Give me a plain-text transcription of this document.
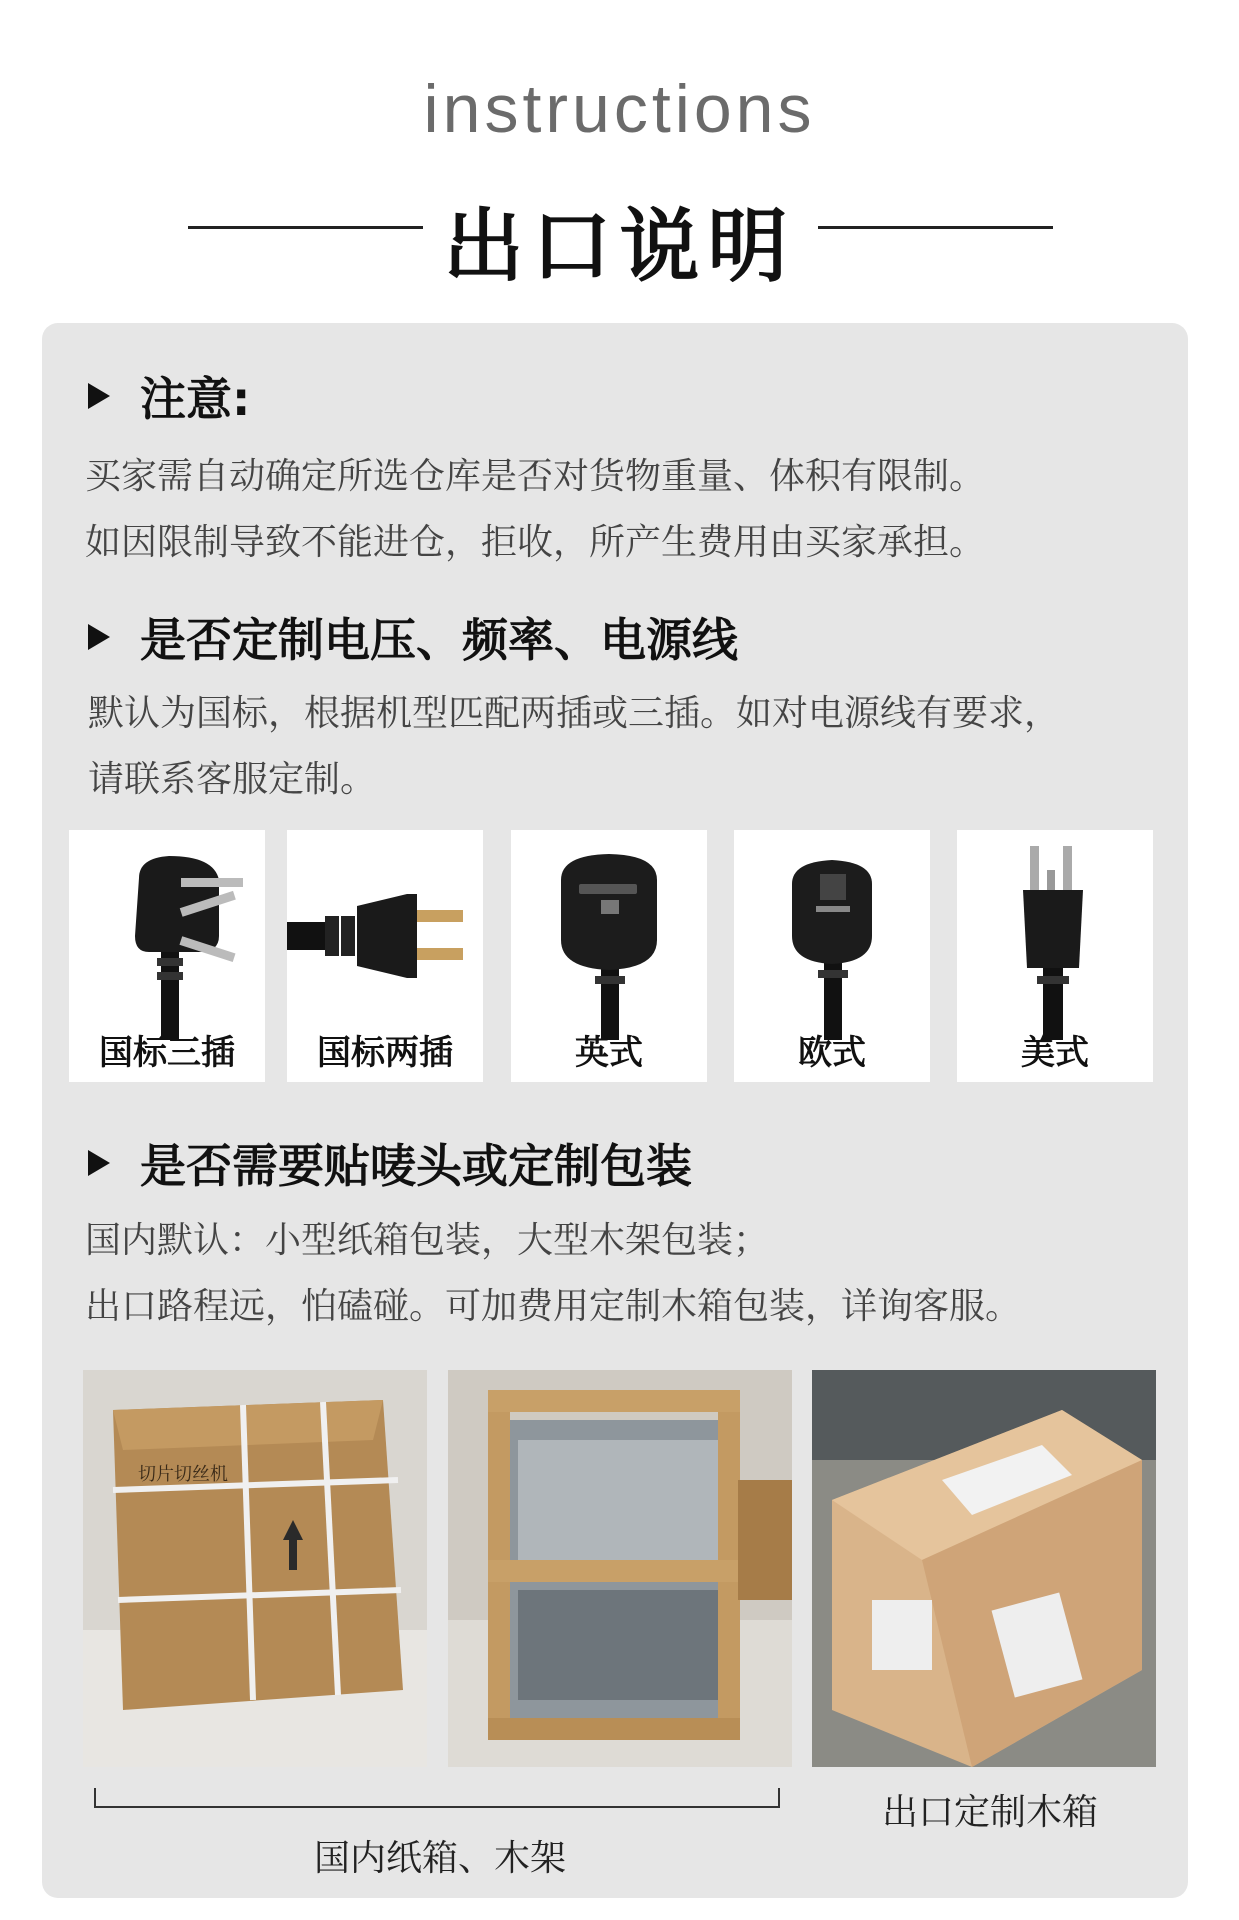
instructions
出口说明
注意:
买家需自动确定所选仓库是否对货物重量、体积有限制。
如因限制导致不能进仓，拒收，所产生费用由买家承担。
是否定制电压、频率、电源线
默认为国标，根据机型匹配两插或三插。如对电源线有要求，
请联系客服定制。
国标三插	国标两插	英式	欧式	美式
是否需要贴唛头或定制包装
国内默认：小型纸箱包装，大型木架包装；
出口路程远，怕磕碰。可加费用定制木箱包装，详询客服。
切片切丝机
国内纸箱、木架
出口定制木箱
